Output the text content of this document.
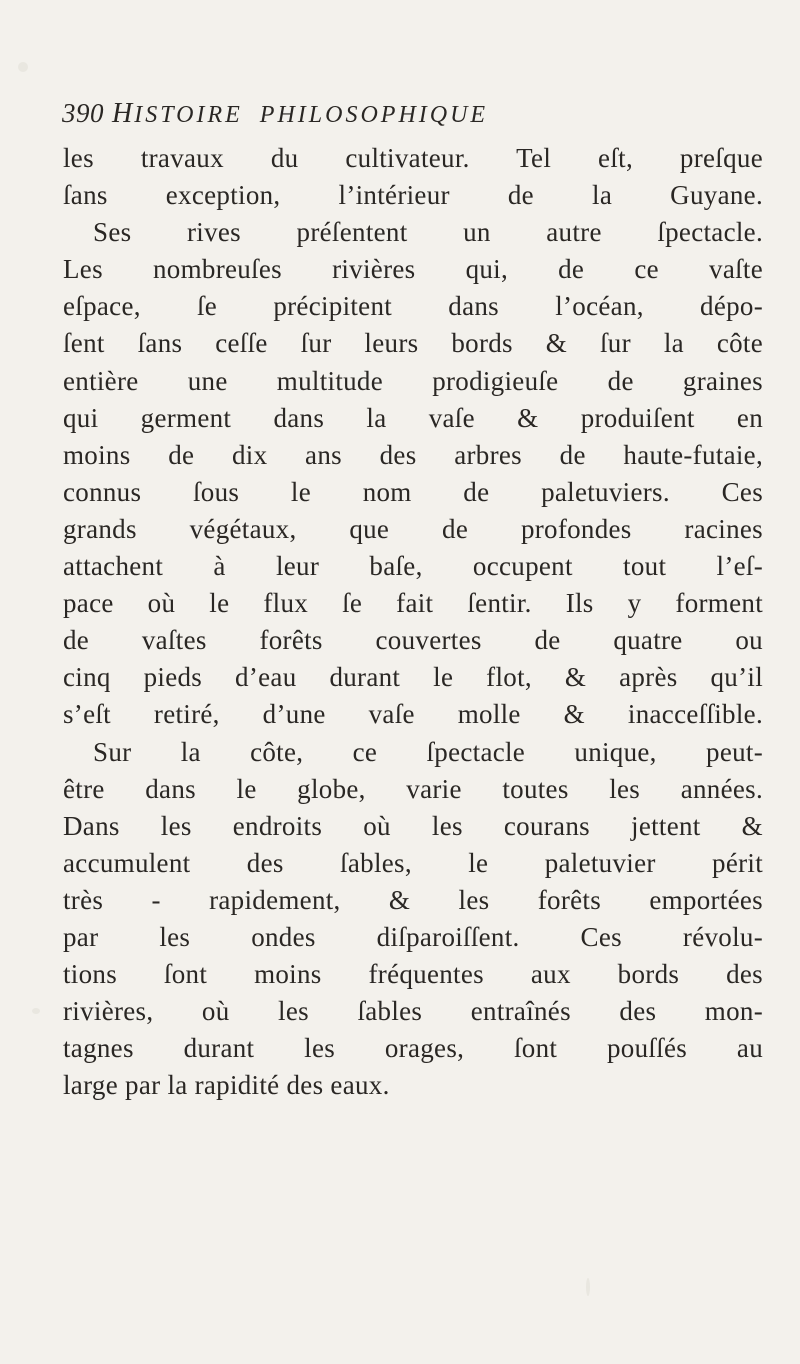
390 HISTOIRE PHILOSOPHIQUE
les travaux du cultivateur. Tel eſt, preſque
ſans exception, l’intérieur de la Guyane.
Ses rives préſentent un autre ſpectacle.
Les nombreuſes rivières qui, de ce vaſte
eſpace, ſe précipitent dans l’océan, dépo-
ſent ſans ceſſe ſur leurs bords & ſur la côte
entière une multitude prodigieuſe de graines
qui germent dans la vaſe & produiſent en
moins de dix ans des arbres de haute-futaie,
connus ſous le nom de paletuviers. Ces
grands végétaux, que de profondes racines
attachent à leur baſe, occupent tout l’eſ-
pace où le flux ſe fait ſentir. Ils y forment
de vaſtes forêts couvertes de quatre ou
cinq pieds d’eau durant le flot, & après qu’il
s’eſt retiré, d’une vaſe molle & inacceſſible.
Sur la côte, ce ſpectacle unique, peut-
être dans le globe, varie toutes les années.
Dans les endroits où les courans jettent &
accumulent des ſables, le paletuvier périt
très - rapidement, & les forêts emportées
par les ondes diſparoiſſent. Ces révolu-
tions ſont moins fréquentes aux bords des
rivières, où les ſables entraînés des mon-
tagnes durant les orages, ſont pouſſés au
large par la rapidité des eaux.
